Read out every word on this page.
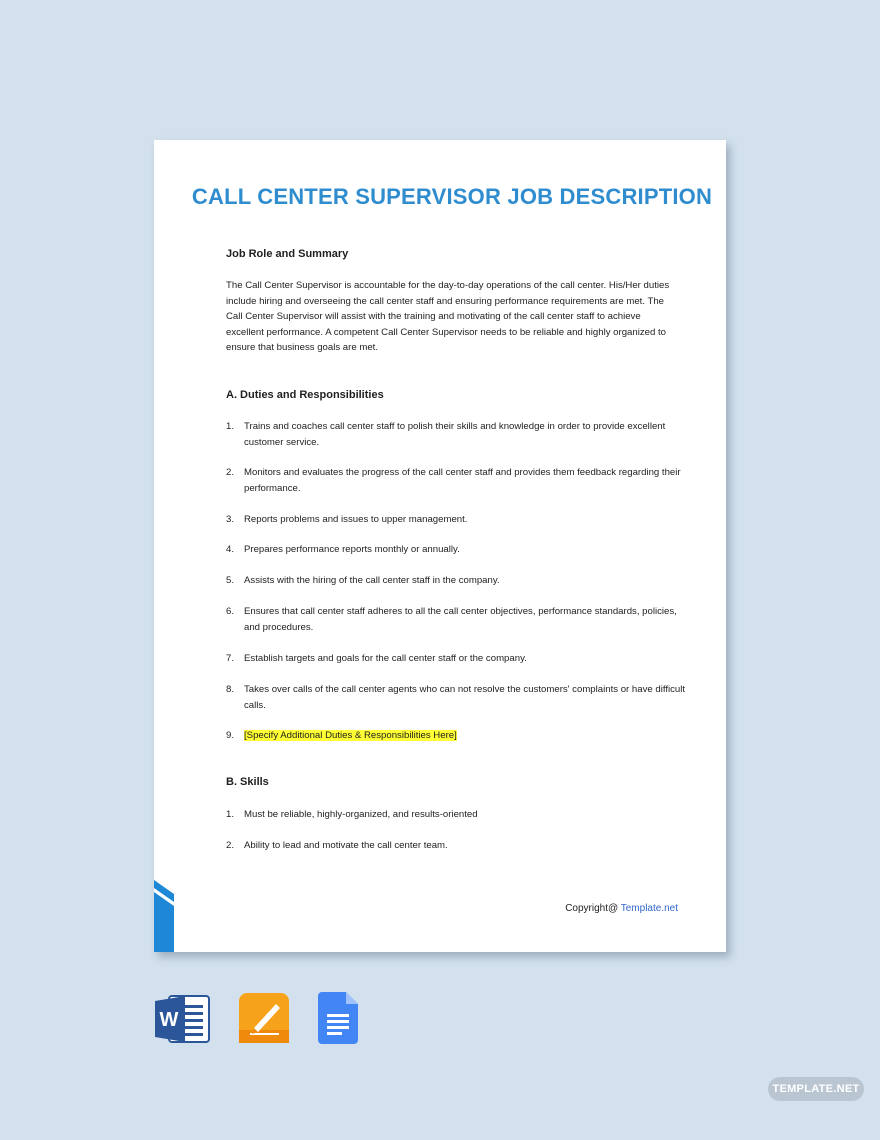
CALL CENTER SUPERVISOR JOB DESCRIPTION
Job Role and Summary

The Call Center Supervisor is accountable for the day-to-day operations of the call center. His/Her duties include hiring and overseeing the call center staff and ensuring performance requirements are met. The Call Center Supervisor will assist with the training and motivating of the call center staff to achieve excellent performance. A competent Call Center Supervisor needs to be reliable and highly organized to ensure that business goals are met.

A. Duties and Responsibilities
1. Trains and coaches call center staff to polish their skills and knowledge in order to provide excellent customer service.
2. Monitors and evaluates the progress of the call center staff and provides them feedback regarding their performance.
3. Reports problems and issues to upper management.
4. Prepares performance reports monthly or annually.
5. Assists with the hiring of the call center staff in the company.
6. Ensures that call center staff adheres to all the call center objectives, performance standards, policies, and procedures.
7. Establish targets and goals for the call center staff or the company.
8. Takes over calls of the call center agents who can not resolve the customers' complaints or have difficult calls.
9. [Specify Additional Duties & Responsibilities Here]
B. Skills
1. Must be reliable, highly-organized, and results-oriented
2. Ability to lead and motivate the call center team.
Copyright@ Template.net
W
TEMPLATE.NET
